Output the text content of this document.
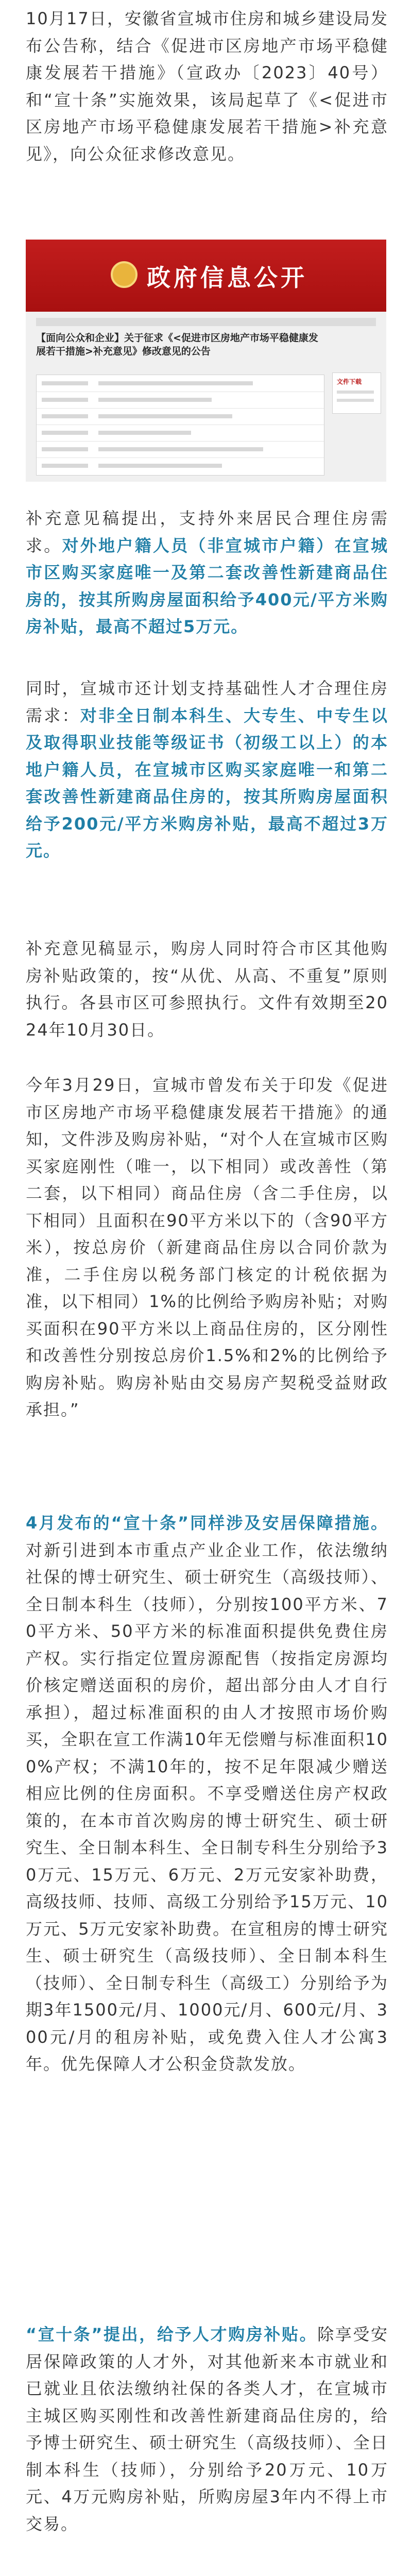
10月17日，安徽省宣城市住房和城乡建设局发布公告称，结合《促进市区房地产市场平稳健康发展若干措施》（宣政办〔2023〕40号）和“宣十条”实施效果，该局起草了《<促进市区房地产市场平稳健康发展若干措施>补充意见》，向公众征求修改意见。

政府信息公开
【面向公众和企业】关于征求《<促进市区房地产市场平稳健康发展若干措施>补充意见》修改意见的公告
文件下载

补充意见稿提出，支持外来居民合理住房需求。对外地户籍人员（非宣城市户籍）在宣城市区购买家庭唯一及第二套改善性新建商品住房的，按其所购房屋面积给予400元/平方米购房补贴，最高不超过5万元。

同时，宣城市还计划支持基础性人才合理住房需求：对非全日制本科生、大专生、中专生以及取得职业技能等级证书（初级工以上）的本地户籍人员，在宣城市区购买家庭唯一和第二套改善性新建商品住房的，按其所购房屋面积给予200元/平方米购房补贴，最高不超过3万元。

补充意见稿显示，购房人同时符合市区其他购房补贴政策的，按“从优、从高、不重复”原则执行。各县市区可参照执行。文件有效期至2024年10月30日。

今年3月29日，宣城市曾发布关于印发《促进市区房地产市场平稳健康发展若干措施》的通知，文件涉及购房补贴，“对个人在宣城市区购买家庭刚性（唯一，以下相同）或改善性（第二套，以下相同）商品住房（含二手住房，以下相同）且面积在90平方米以下的（含90平方米），按总房价（新建商品住房以合同价款为准，二手住房以税务部门核定的计税依据为准，以下相同）1%的比例给予购房补贴；对购买面积在90平方米以上商品住房的，区分刚性和改善性分别按总房价1.5%和2%的比例给予购房补贴。购房补贴由交易房产契税受益财政承担。”

4月发布的“宣十条”同样涉及安居保障措施。对新引进到本市重点产业企业工作，依法缴纳社保的博士研究生、硕士研究生（高级技师）、全日制本科生（技师），分别按100平方米、70平方米、50平方米的标准面积提供免费住房产权。实行指定位置房源配售（按指定房源均价核定赠送面积的房价，超出部分由人才自行承担），超过标准面积的由人才按照市场价购买，全职在宣工作满10年无偿赠与标准面积100%产权；不满10年的，按不足年限减少赠送相应比例的住房面积。不享受赠送住房产权政策的，在本市首次购房的博士研究生、硕士研究生、全日制本科生、全日制专科生分别给予30万元、15万元、6万元、2万元安家补助费，高级技师、技师、高级工分别给予15万元、10万元、5万元安家补助费。在宣租房的博士研究生、硕士研究生（高级技师）、全日制本科生（技师）、全日制专科生（高级工）分别给予为期3年1500元/月、1000元/月、600元/月、300元/月的租房补贴，或免费入住人才公寓3年。优先保障人才公积金贷款发放。

“宣十条”提出，给予人才购房补贴。除享受安居保障政策的人才外，对其他新来本市就业和已就业且依法缴纳社保的各类人才，在宣城市主城区购买刚性和改善性新建商品住房的，给予博士研究生、硕士研究生（高级技师）、全日制本科生（技师），分别给予20万元、10万元、4万元购房补贴，所购房屋3年内不得上市交易。
